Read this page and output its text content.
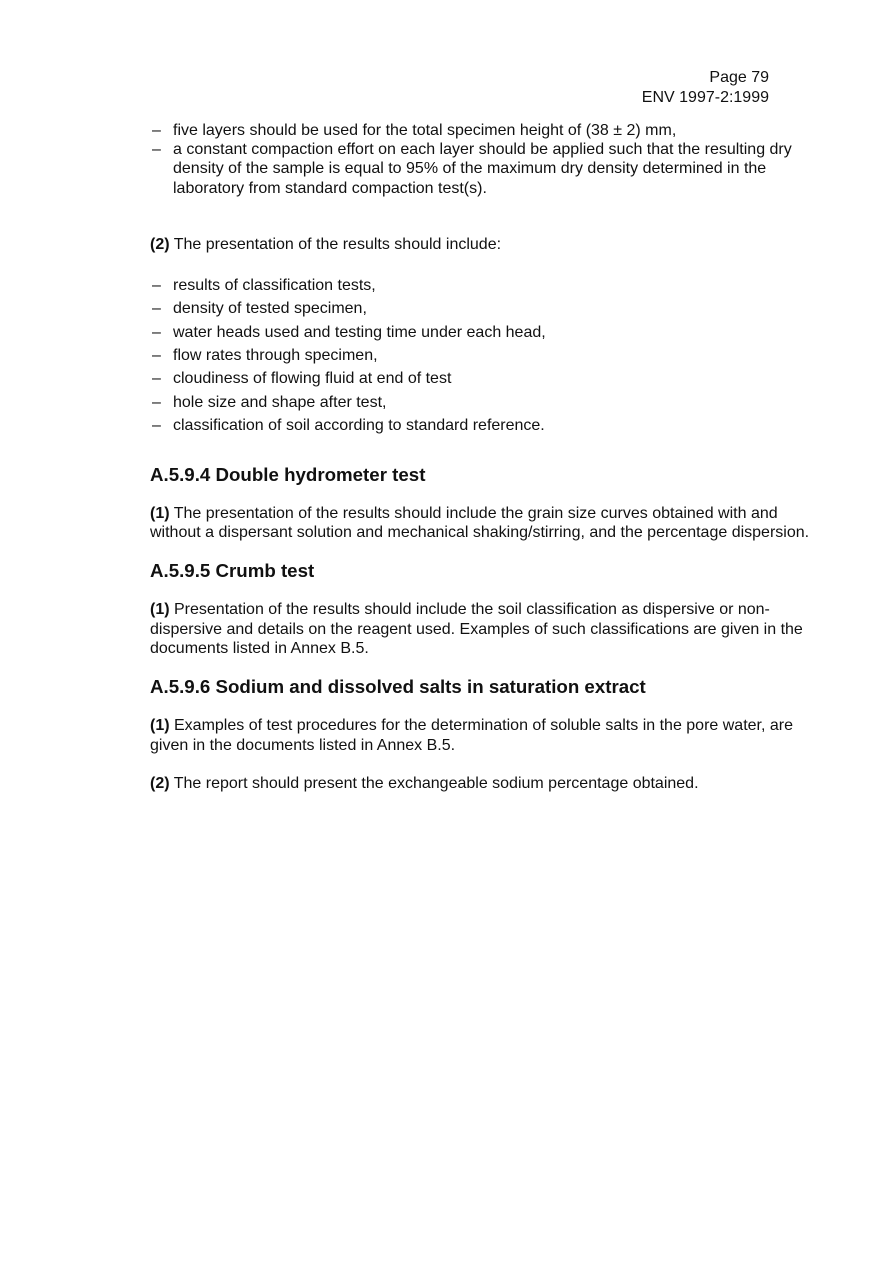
Page 79
ENV 1997-2:1999
– five layers should be used for the total specimen height of (38 ± 2) mm,
– a constant compaction effort on each layer should be applied such that the resulting dry density of the sample is equal to 95% of the maximum dry density determined in the laboratory from standard compaction test(s).

(2) The presentation of the results should include:

– results of classification tests,
– density of tested specimen,
– water heads used and testing time under each head,
– flow rates through specimen,
– cloudiness of flowing fluid at end of test
– hole size and shape after test,
– classification of soil according to standard reference.
A.5.9.4 Double hydrometer test

(1) The presentation of the results should include the grain size curves obtained with and without a dispersant solution and mechanical shaking/stirring, and the percentage dispersion.

A.5.9.5 Crumb test

(1) Presentation of the results should include the soil classification as dispersive or non-dispersive and details on the reagent used. Examples of such classifications are given in the documents listed in Annex B.5.

A.5.9.6 Sodium and dissolved salts in saturation extract

(1) Examples of test procedures for the determination of soluble salts in the pore water, are given in the documents listed in Annex B.5.

(2) The report should present the exchangeable sodium percentage obtained.
